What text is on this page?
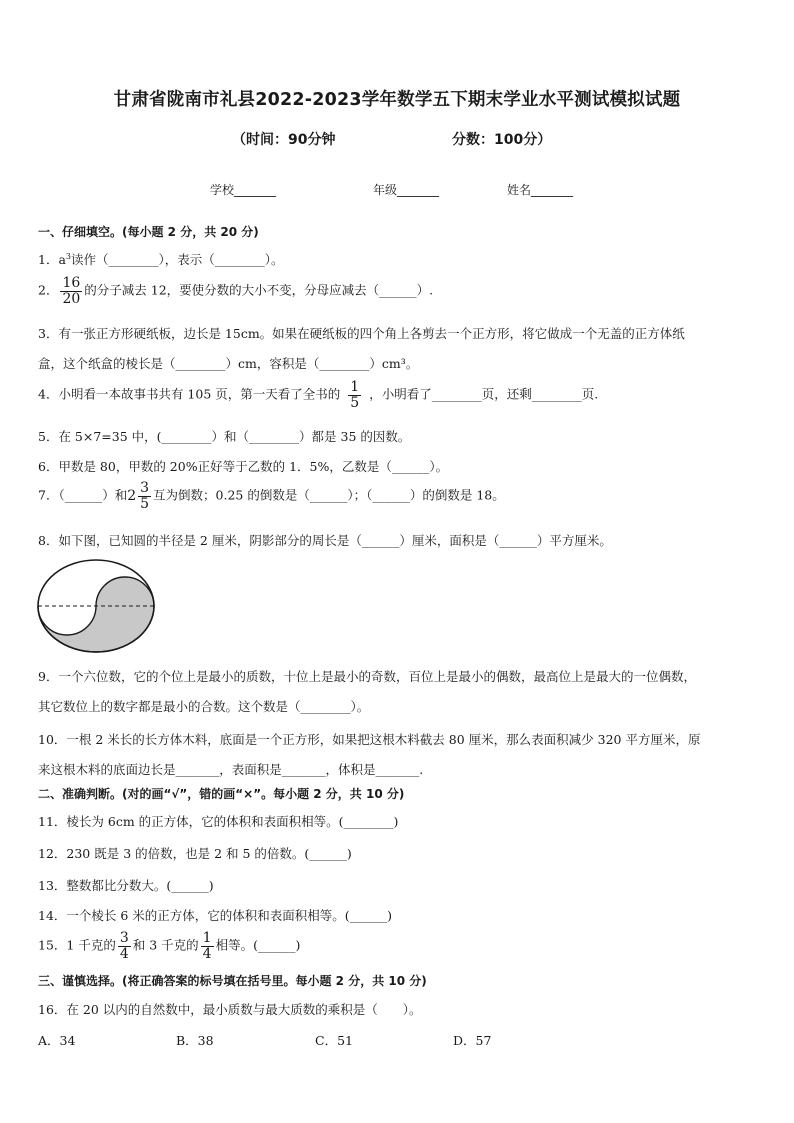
甘肃省陇南市礼县2022-2023学年数学五下期末学业水平测试模拟试题
（时间：90分钟	分数：100分）
学校_______	年级_______	姓名_______
一、仔细填空。(每小题 2 分，共 20 分)
1．$a^3$读作（________），表示（________）。
2． $\frac{16}{20}$ 的分子减去 12，要使分数的大小不变，分母应减去（______）.
3．有一张正方形硬纸板，边长是 15cm。如果在硬纸板的四个角上各剪去一个正方形，将它做成一个无盖的正方体纸
盒，这个纸盒的棱长是（________）cm，容积是（________）cm³。
4．小明看一本故事书共有 105 页，第一天看了全书的 $\frac{1}{5}$ ，小明看了________页，还剩________页.
5．在 5×7=35 中，(________）和（________）都是 35 的因数。
6．甲数是 80，甲数的 20%正好等于乙数的 1．5%，乙数是（______）。
7．（______）和$2 \frac{3}{5}$ 互为倒数；0.25 的倒数是（______）；（______）的倒数是 18。
8．如下图，已知圆的半径是 2 厘米，阴影部分的周长是（______）厘米，面积是（______）平方厘米。
9．一个六位数，它的个位上是最小的质数，十位上是最小的奇数，百位上是最小的偶数，最高位上是最大的一位偶数，
其它数位上的数字都是最小的合数。这个数是（________）。
10．一根 2 米长的长方体木料，底面是一个正方形，如果把这根木料截去 80 厘米，那么表面积减少 320 平方厘米，原
来这根木料的底面边长是_______，表面积是_______，体积是_______.
二、准确判断。(对的画“√”，错的画“×”。每小题 2 分，共 10 分)
11．棱长为 6cm 的正方体，它的体积和表面积相等。(________)
12．230 既是 3 的倍数，也是 2 和 5 的倍数。(______)
13．整数都比分数大。(______)
14．一个棱长 6 米的正方体，它的体积和表面积相等。(______)
15．1 千克的 $\frac{3}{4}$ 和 3 千克的 $\frac{1}{4}$ 相等。(______)
三、谨慎选择。(将正确答案的标号填在括号里。每小题 2 分，共 10 分)
16．在 20 以内的自然数中，最小质数与最大质数的乘积是（　　）。
A．34	B．38	C．51	D．57
